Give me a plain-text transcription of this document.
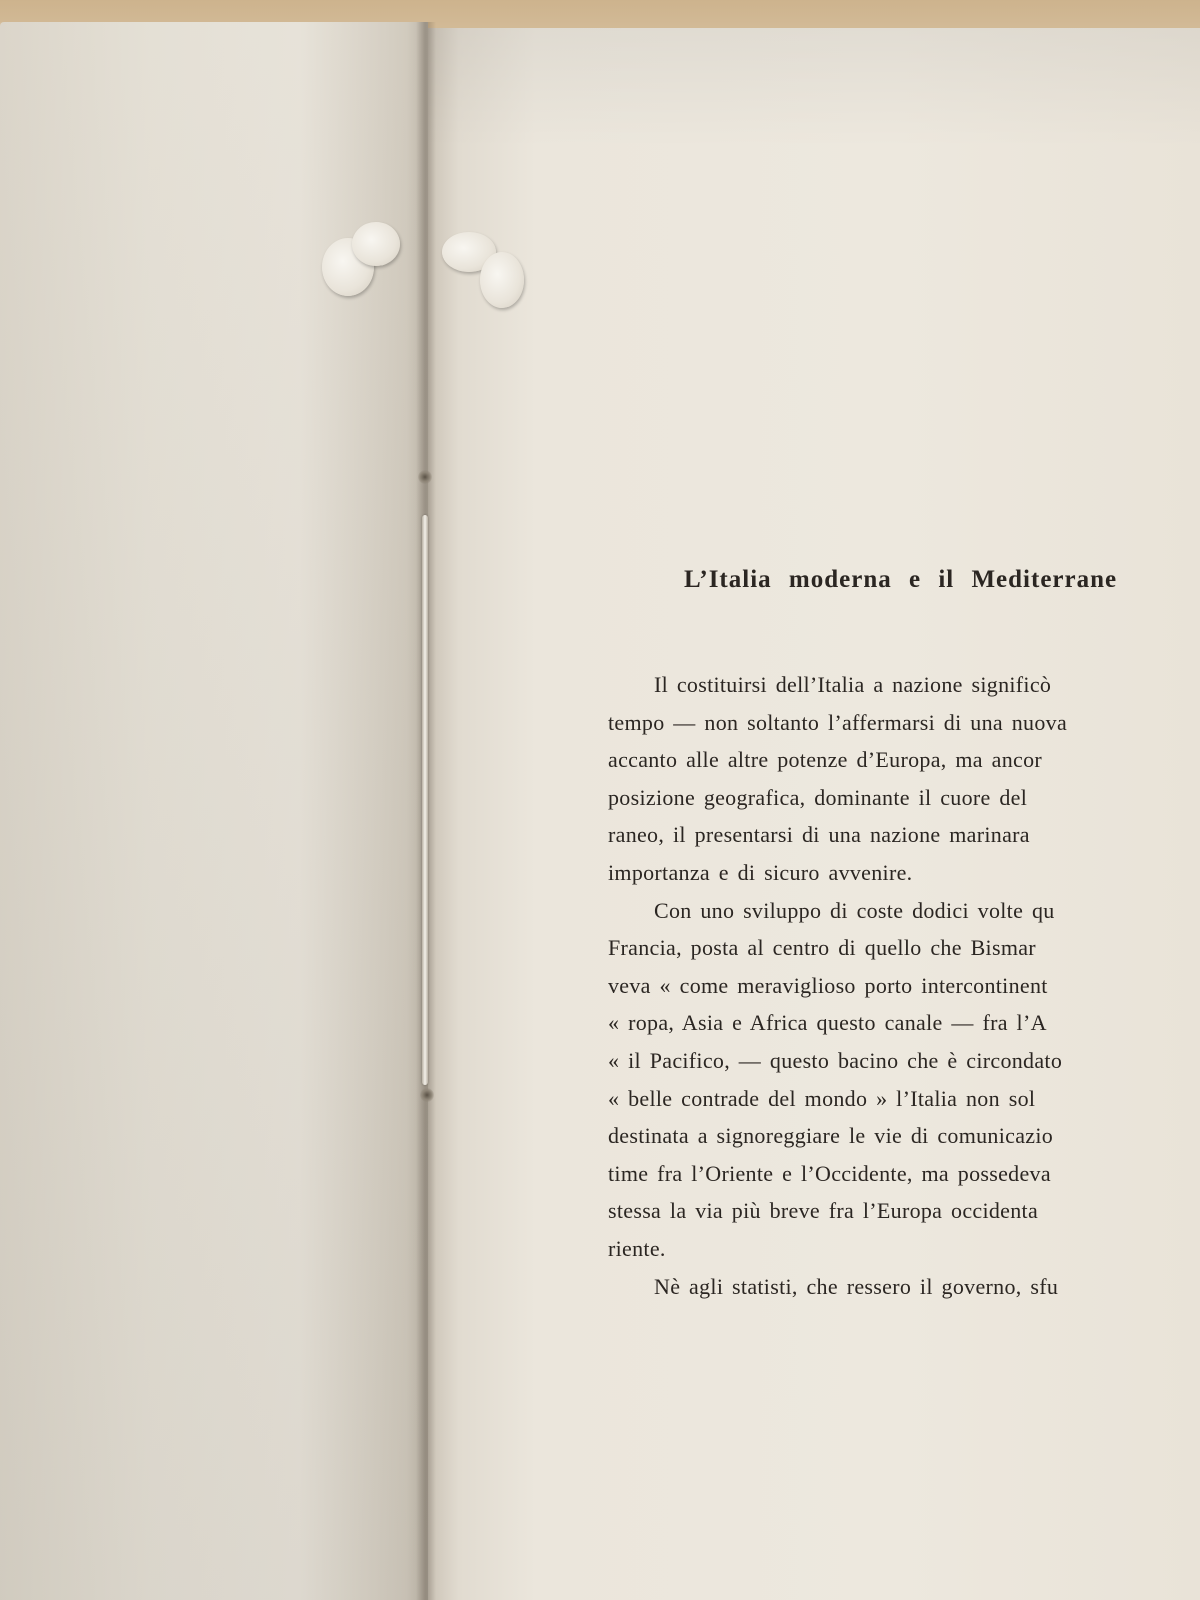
L’Italia moderna e il Mediterrane
Il costituirsi dell’Italia a nazione significò
tempo — non soltanto l’affermarsi di una nuova
accanto alle altre potenze d’Europa, ma ancor
posizione geografica, dominante il cuore del
raneo, il presentarsi di una nazione marinara
importanza e di sicuro avvenire.
Con uno sviluppo di coste dodici volte qu
Francia, posta al centro di quello che Bismar
veva « come meraviglioso porto intercontinent
« ropa, Asia e Africa questo canale — fra l’A
« il Pacifico, — questo bacino che è circondato
« belle contrade del mondo » l’Italia non sol
destinata a signoreggiare le vie di comunicazio
time fra l’Oriente e l’Occidente, ma possedeva
stessa la via più breve fra l’Europa occidenta
riente.
Nè agli statisti, che ressero il governo, sfu
